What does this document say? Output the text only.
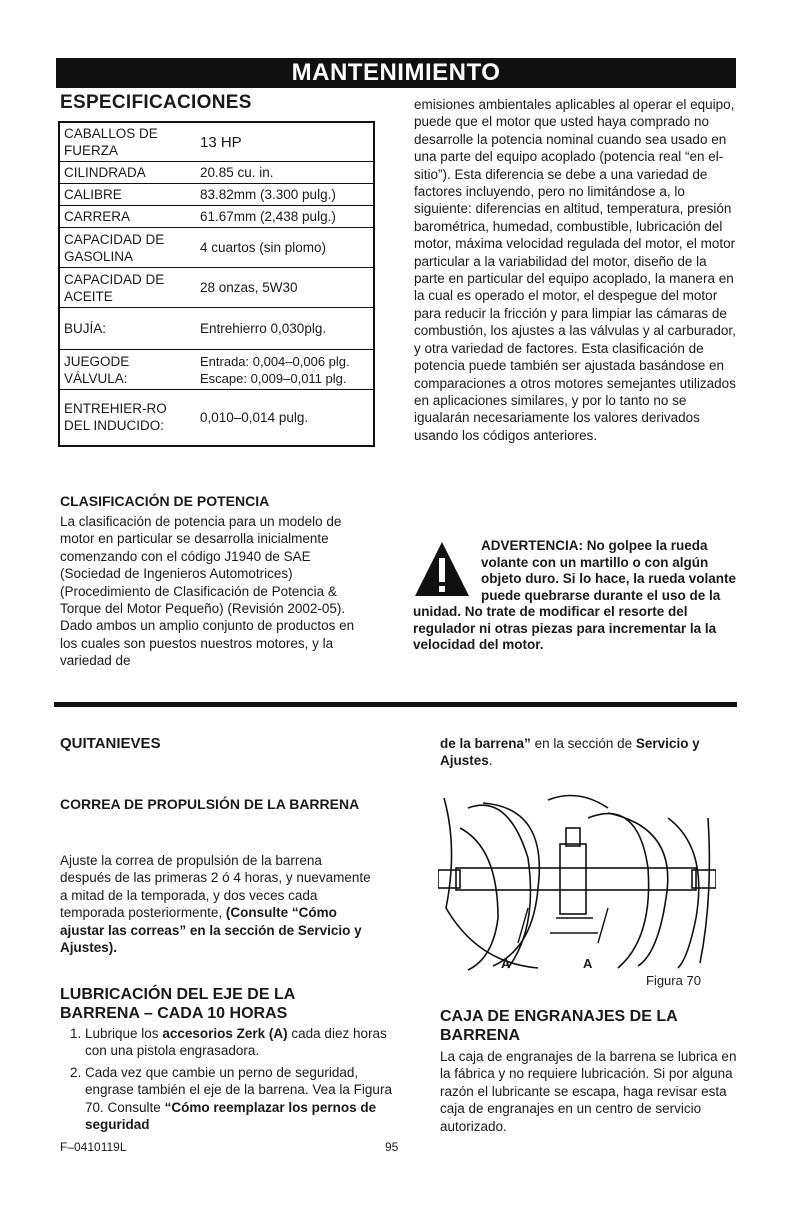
MANTENIMIENTO
ESPECIFICACIONES
CABALLOS DE FUERZA	13 HP
CILINDRADA	20.85 cu. in.
CALIBRE	83.82mm (3.300 pulg.)
CARRERA	61.67mm (2,438 pulg.)
CAPACIDAD DE GASOLINA	4 cuartos (sin plomo)
CAPACIDAD DE ACEITE	28 onzas, 5W30
BUJÍA:	Entrehierro 0,030plg.
JUEGODE VÁLVULA:	Entrada: 0,004–0,006 plg. Escape: 0,009–0,011 plg.
ENTREHIER-RO DEL INDUCIDO:	0,010–0,014 pulg.
CLASIFICACIÓN DE POTENCIA
La clasificación de potencia para un modelo de motor en particular se desarrolla inicialmente comenzando con el código J1940 de SAE (Sociedad de Ingenieros Automotrices) (Procedimiento de Clasificación de Potencia & Torque del Motor Pequeño) (Revisión 2002-05). Dado ambos un amplio conjunto de productos en los cuales son puestos nuestros motores, y la variedad de
emisiones ambientales aplicables al operar el equipo, puede que el motor que usted haya comprado no desarrolle la potencia nominal cuando sea usado en una parte del equipo acoplado (potencia real “en el-sitio”). Esta diferencia se debe a una variedad de factores incluyendo, pero no limitándose a, lo siguiente: diferencias en altitud, temperatura, presión barométrica, humedad, combustible, lubricación del motor, máxima velocidad regulada del motor, el motor particular a la variabilidad del motor, diseño de la parte en particular del equipo acoplado, la manera en la cual es operado el motor, el despegue del motor para reducir la fricción y para limpiar las cámaras de combustión, los ajustes a las válvulas y al carburador, y otra variedad de factores. Esta clasificación de potencia puede también ser ajustada basándose en comparaciones a otros motores semejantes utilizados en aplicaciones similares, y por lo tanto no se igualarán necesariamente los valores derivados usando los códigos anteriores.
ADVERTENCIA: No golpee la rueda volante con un martillo o con algún objeto duro. Si lo hace, la rueda volante puede quebrarse durante el uso de la unidad. No trate de modificar el resorte del regulador ni otras piezas para incrementar la la velocidad del motor.
QUITANIEVES
CORREA DE PROPULSIÓN DE LA BARRENA
Ajuste la correa de propulsión de la barrena después de las primeras 2 ó 4 horas, y nuevamente a mitad de la temporada, y dos veces cada temporada posteriormente, (Consulte “Cómo ajustar las correas” en la sección de Servicio y Ajustes).
LUBRICACIÓN DEL EJE DE LA BARRENA – CADA 10 HORAS
1. Lubrique los accesorios Zerk (A) cada diez horas con una pistola engrasadora.
2. Cada vez que cambie un perno de seguridad, engrase también el eje de la barrena. Vea la Figura 70. Consulte “Cómo reemplazar los pernos de seguridad
de la barrena” en la sección de Servicio y Ajustes.
A	A
Figura 70
CAJA DE ENGRANAJES DE LA BARRENA
La caja de engranajes de la barrena se lubrica en la fábrica y no requiere lubricación. Si por alguna razón el lubricante se escapa, haga revisar esta caja de engranajes en un centro de servicio autorizado.
F–0410119L	95
